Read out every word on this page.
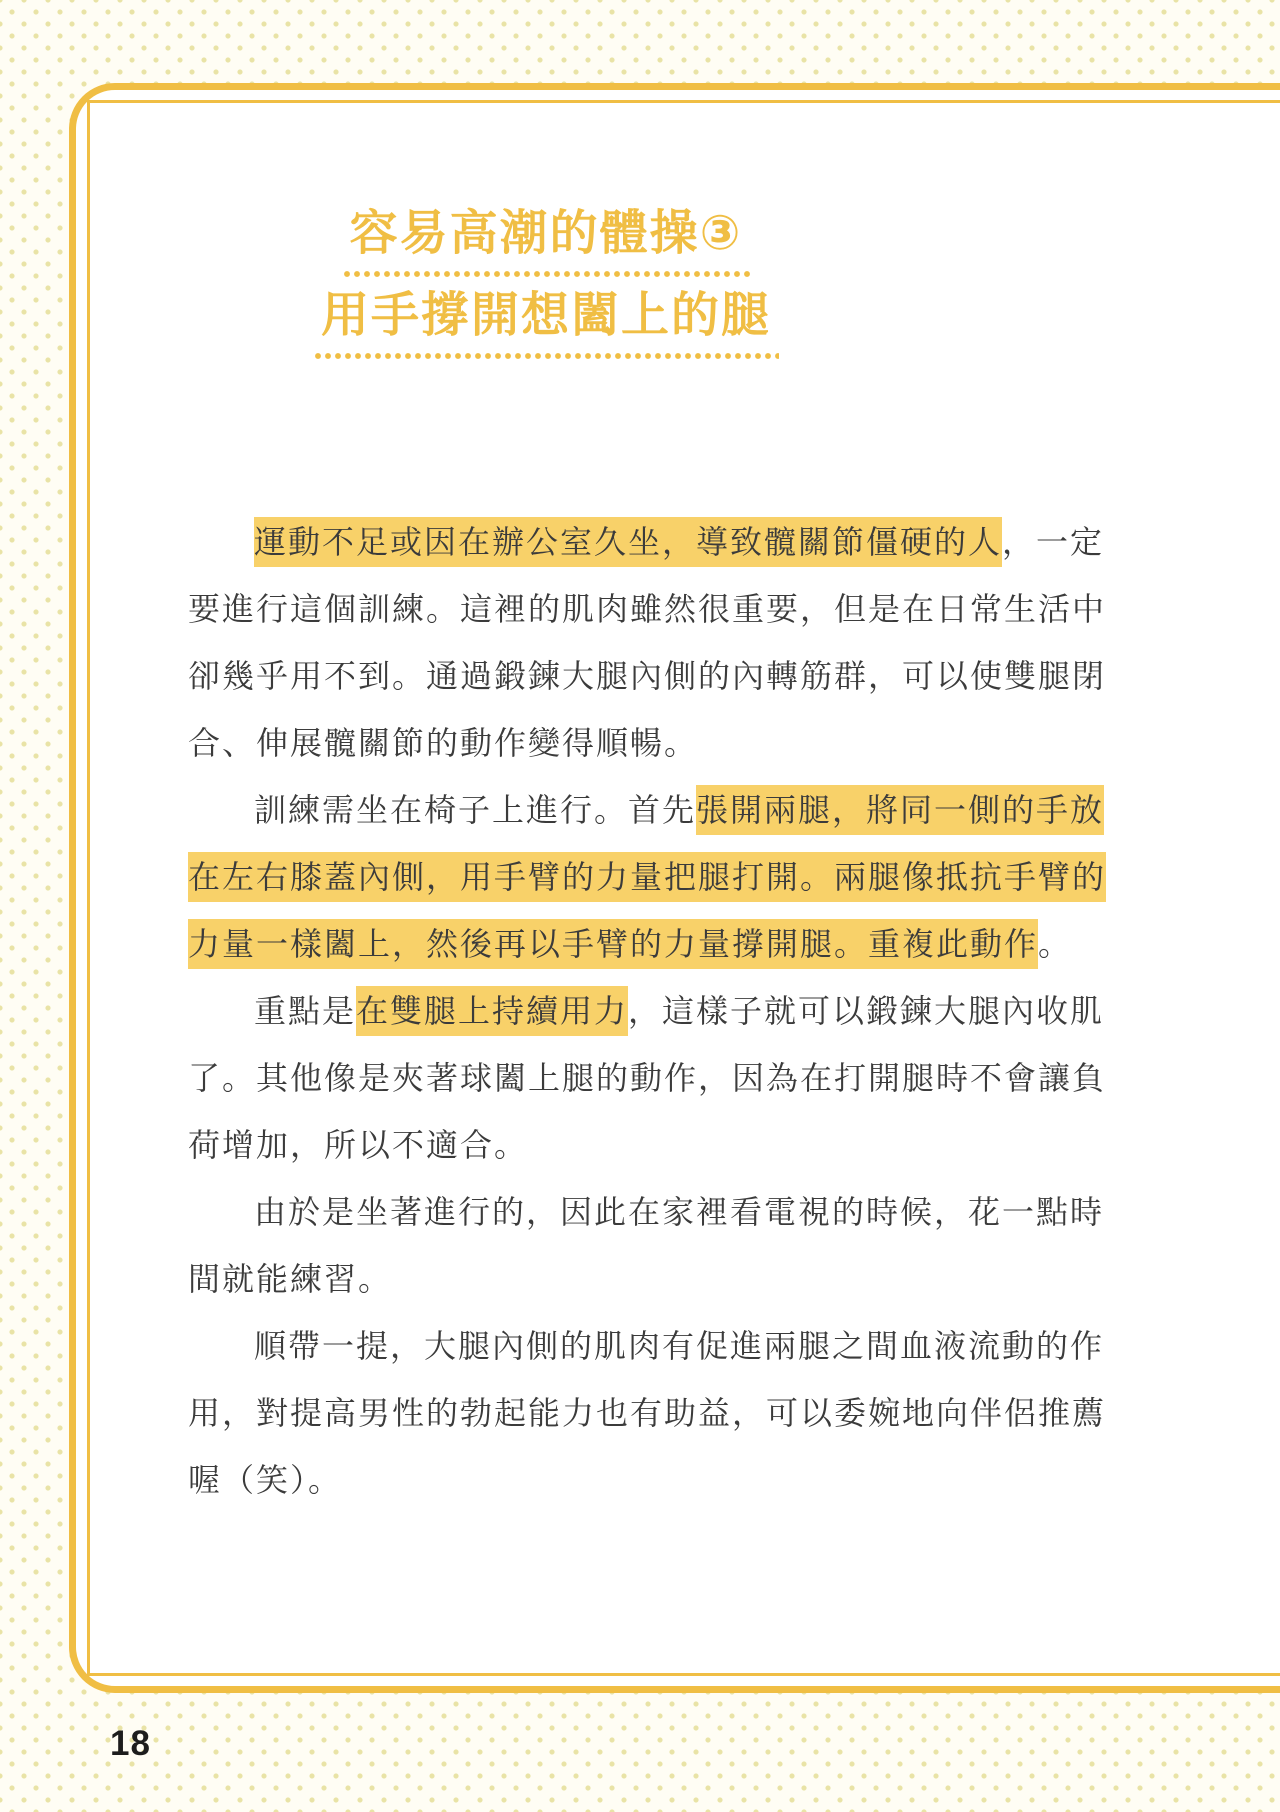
容易高潮的體操③
用手撐開想闔上的腿
運動不足或因在辦公室久坐，導致髖關節僵硬的人，一定
要進行這個訓練。這裡的肌肉雖然很重要，但是在日常生活中
卻幾乎用不到。通過鍛鍊大腿內側的內轉筋群，可以使雙腿閉
合、伸展髖關節的動作變得順暢。
訓練需坐在椅子上進行。首先張開兩腿，將同一側的手放
在左右膝蓋內側，用手臂的力量把腿打開。兩腿像抵抗手臂的
力量一樣闔上，然後再以手臂的力量撐開腿。重複此動作。
重點是在雙腿上持續用力，這樣子就可以鍛鍊大腿內收肌
了。其他像是夾著球闔上腿的動作，因為在打開腿時不會讓負
荷增加，所以不適合。
由於是坐著進行的，因此在家裡看電視的時候，花一點時
間就能練習。
順帶一提，大腿內側的肌肉有促進兩腿之間血液流動的作
用，對提高男性的勃起能力也有助益，可以委婉地向伴侶推薦
喔（笑）。
18
